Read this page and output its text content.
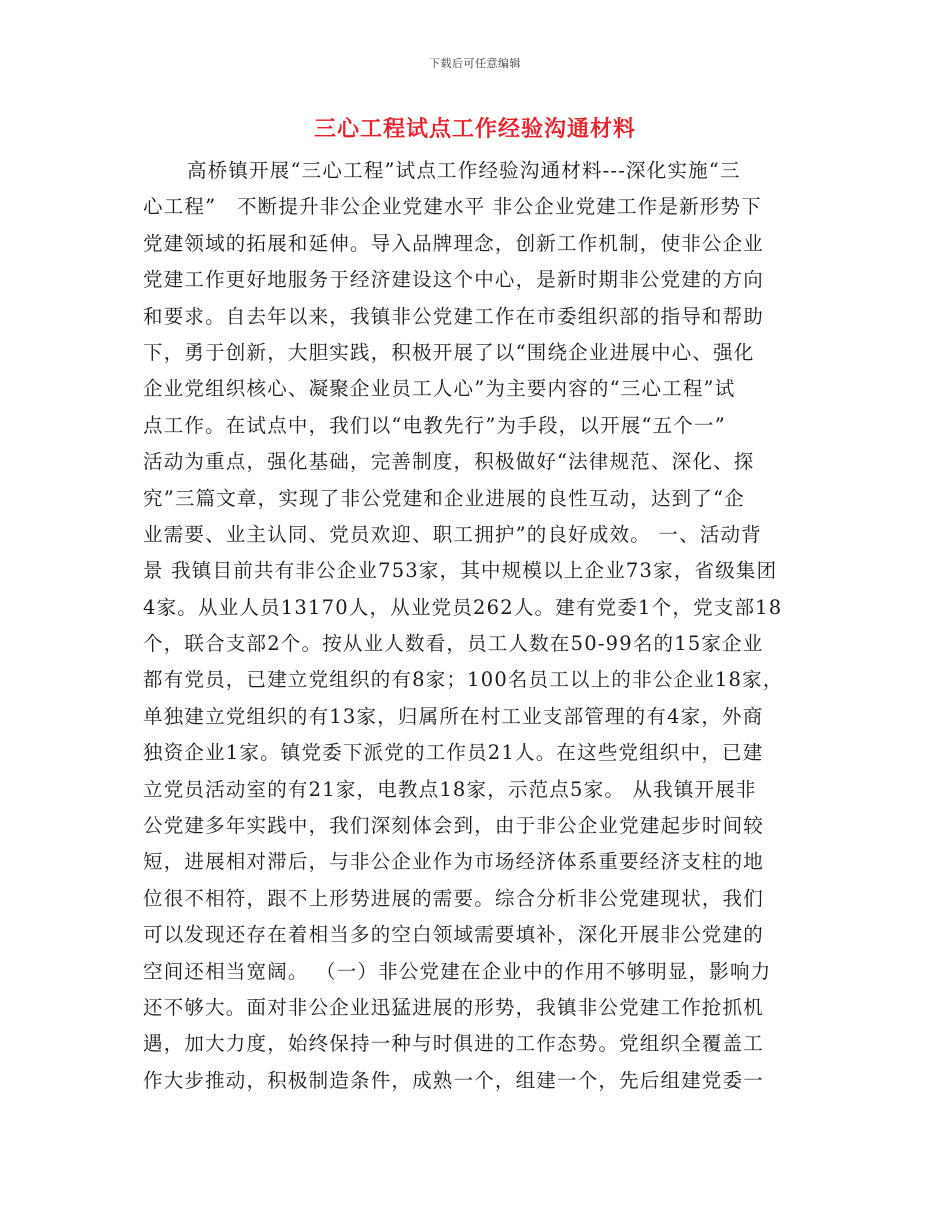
下载后可任意编辑
三心工程试点工作经验沟通材料
高桥镇开展“三心工程”试点工作经验沟通材料---深化实施“三
心工程”　不断提升非公企业党建水平 非公企业党建工作是新形势下
党建领域的拓展和延伸。导入品牌理念，创新工作机制，使非公企业
党建工作更好地服务于经济建设这个中心，是新时期非公党建的方向
和要求。自去年以来，我镇非公党建工作在市委组织部的指导和帮助
下，勇于创新，大胆实践，积极开展了以“围绕企业进展中心、强化
企业党组织核心、凝聚企业员工人心”为主要内容的“三心工程”试
点工作。在试点中，我们以“电教先行”为手段，以开展“五个一”
活动为重点，强化基础，完善制度，积极做好“法律规范、深化、探
究”三篇文章，实现了非公党建和企业进展的良性互动，达到了“企
业需要、业主认同、党员欢迎、职工拥护”的良好成效。 一、活动背
景 我镇目前共有非公企业753家，其中规模以上企业73家，省级集团
4家。从业人员13170人，从业党员262人。建有党委1个，党支部18
个，联合支部2个。按从业人数看，员工人数在50-99名的15家企业
都有党员，已建立党组织的有8家；100名员工以上的非公企业18家，
单独建立党组织的有13家，归属所在村工业支部管理的有4家，外商
独资企业1家。镇党委下派党的工作员21人。在这些党组织中，已建
立党员活动室的有21家，电教点18家，示范点5家。 从我镇开展非
公党建多年实践中，我们深刻体会到，由于非公企业党建起步时间较
短，进展相对滞后，与非公企业作为市场经济体系重要经济支柱的地
位很不相符，跟不上形势进展的需要。综合分析非公党建现状，我们
可以发现还存在着相当多的空白领域需要填补，深化开展非公党建的
空间还相当宽阔。 （一）非公党建在企业中的作用不够明显，影响力
还不够大。面对非公企业迅猛进展的形势，我镇非公党建工作抢抓机
遇，加大力度，始终保持一种与时俱进的工作态势。党组织全覆盖工
作大步推动，积极制造条件，成熟一个，组建一个，先后组建党委一
